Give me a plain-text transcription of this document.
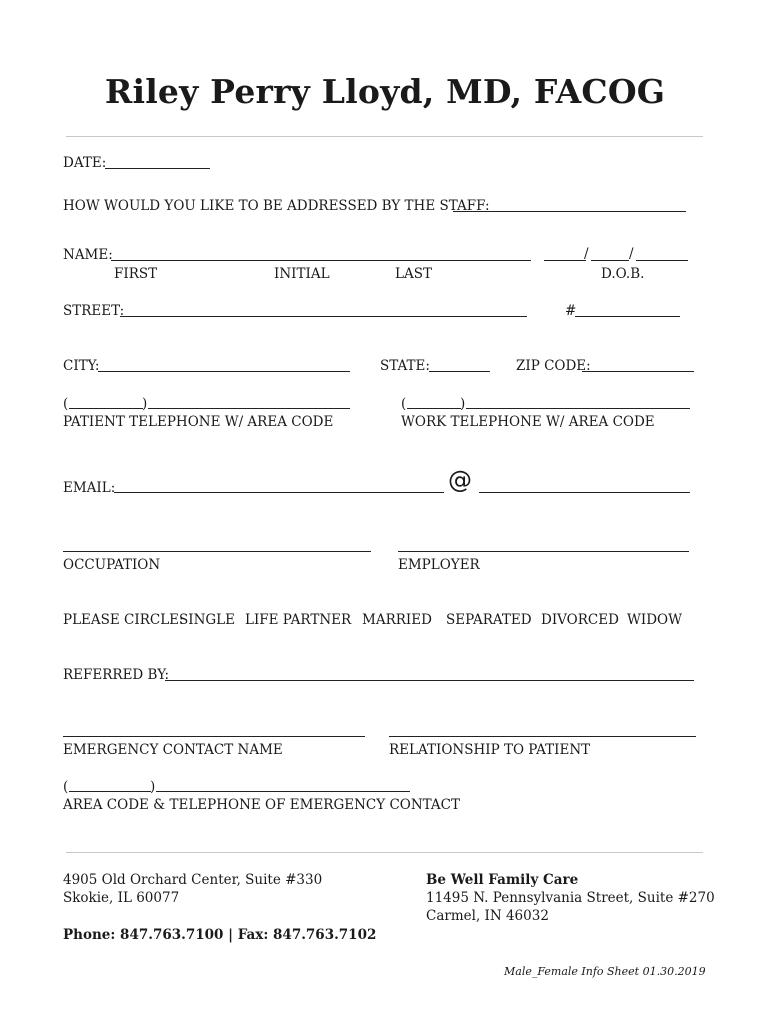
Riley Perry Lloyd, MD, FACOG
DATE:
HOW WOULD YOU LIKE TO BE ADDRESSED BY THE STAFF:
NAME:	/	/
FIRST	INITIAL	LAST	D.O.B.
STREET:	#
CITY:	STATE:	ZIP CODE:
(	)
PATIENT TELEPHONE W/ AREA CODE
(	)
WORK TELEPHONE W/ AREA CODE
EMAIL:	@
OCCUPATION	EMPLOYER
PLEASE CIRCLE:
SINGLE LIFE PARTNER MARRIED SEPARATED DIVORCED WIDOW
REFERRED BY:
EMERGENCY CONTACT NAME	RELATIONSHIP TO PATIENT
(	)
AREA CODE & TELEPHONE OF EMERGENCY CONTACT
4905 Old Orchard Center, Suite #330
Skokie, IL 60077
Phone: 847.763.7100 | Fax: 847.763.7102
Be Well Family Care
11495 N. Pennsylvania Street, Suite #270
Carmel, IN 46032
Male_Female Info Sheet 01.30.2019
